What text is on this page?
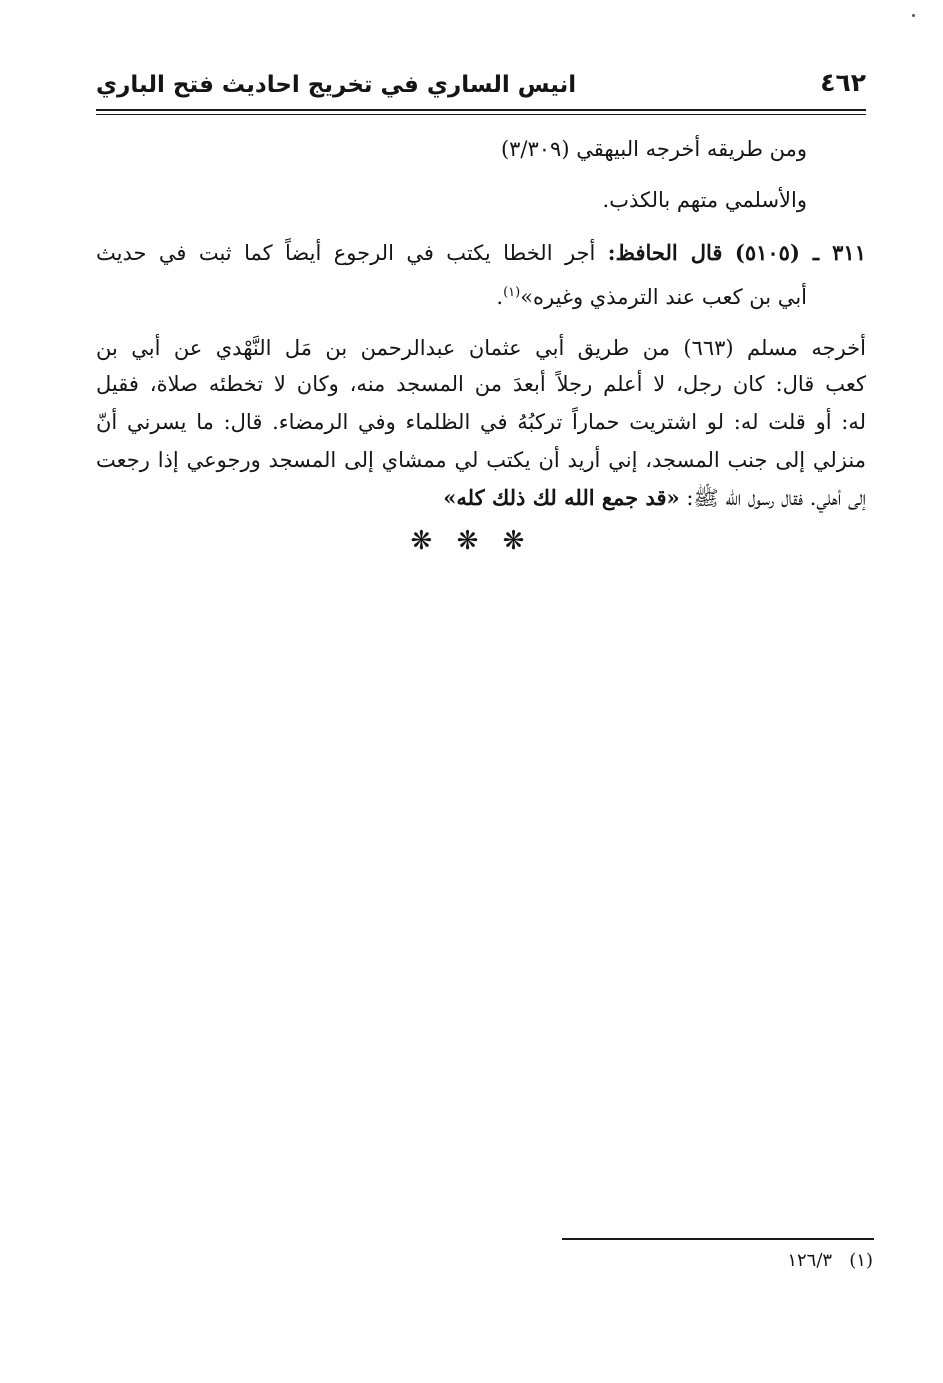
٤٦٢
انيس الساري في تخريج احاديث فتح الباري
ومن طريقه أخرجه البيهقي (٣/٣٠٩)
والأسلمي متهم بالكذب.
٣١١ ـ (٥١٠٥) قال الحافظ: أجر الخطا يكتب في الرجوع أيضاً كما ثبت في حديث
أبي بن كعب عند الترمذي وغيره»$^{(١)}$.
أخرجه مسلم (٦٦٣) من طريق أبي عثمان عبدالرحمن بن مَل النَّهْدي عن أبي بن
كعب قال: كان رجل، لا أعلم رجلاً أبعدَ من المسجد منه، وكان لا تخطئه صلاة، فقيل
له: أو قلت له: لو اشتريت حماراً تركبُهُ في الظلماء وفي الرمضاء. قال: ما يسرني أنّ
منزلي إلى جنب المسجد، إني أريد أن يكتب لي ممشاي إلى المسجد ورجوعي إذا رجعت
إلى أهلي. فقال رسول الله ﷺ: «قد جمع الله لك ذلك كله»
❋ ❋ ❋
(١)   ١٢٦/٣
